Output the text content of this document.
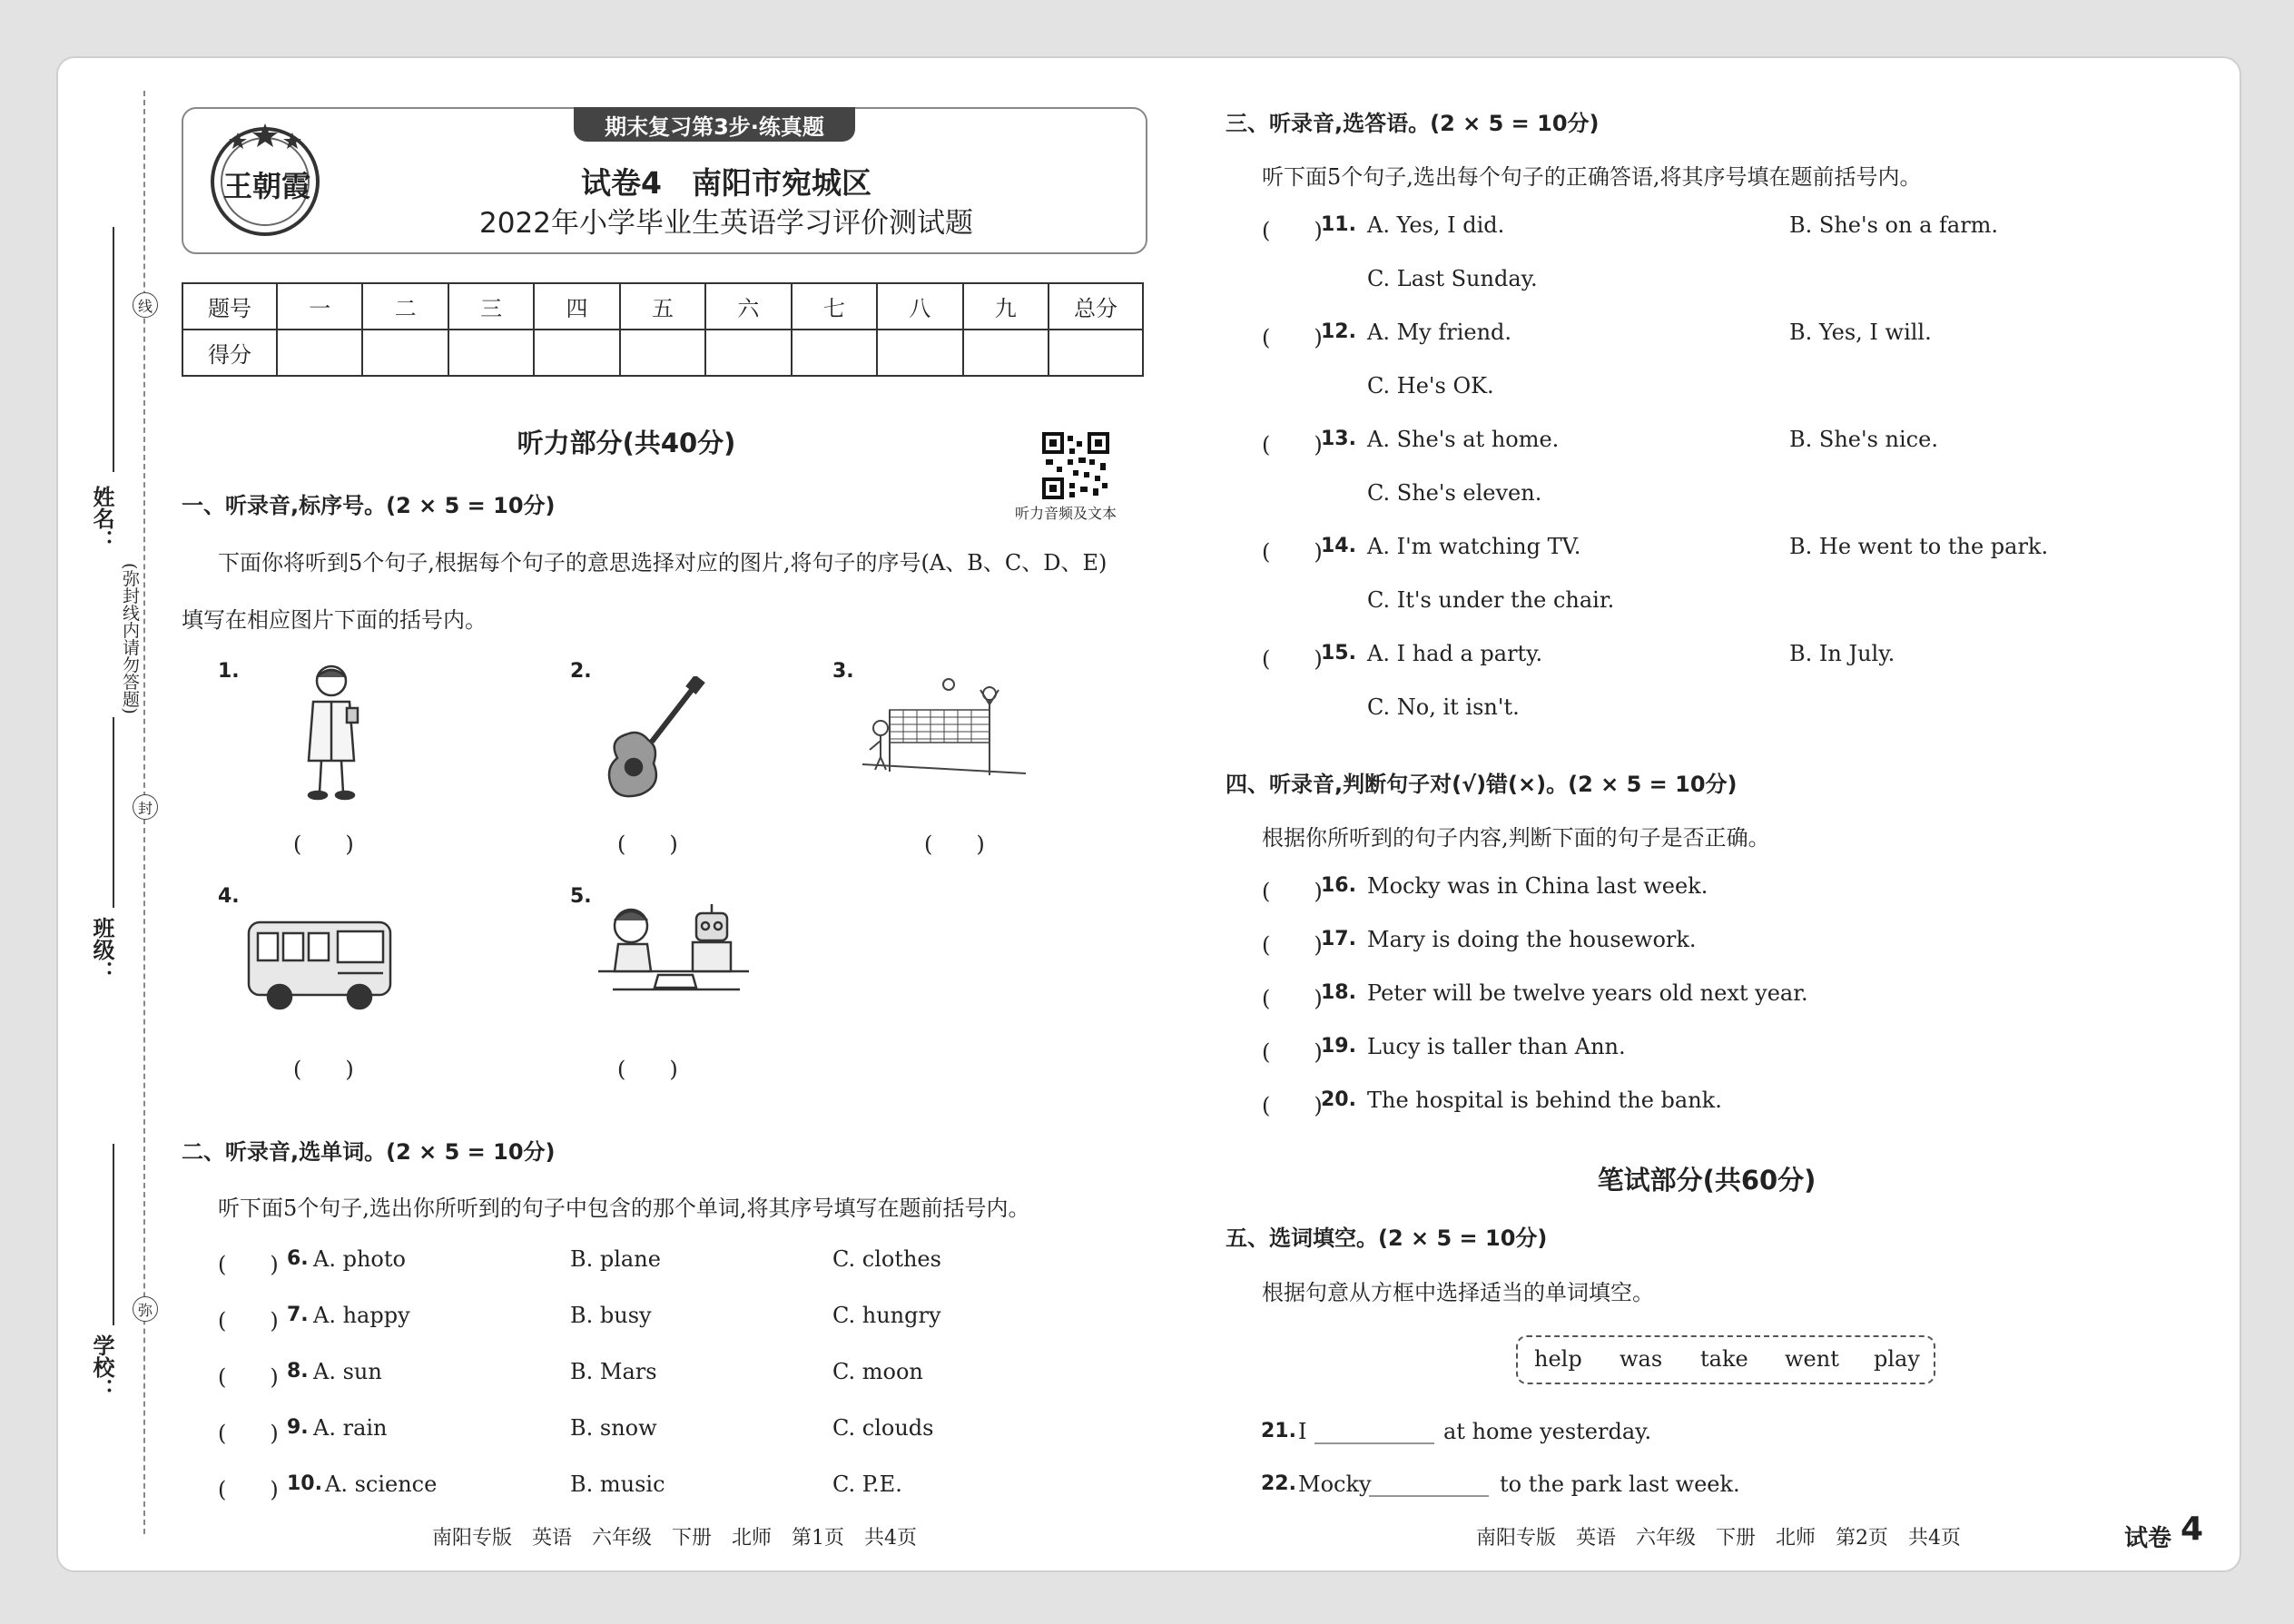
学校：
班级：
姓名：
(弥封线内请勿答题)
线
封
弥
王朝霞
期末复习第3步·练真题
试卷4　南阳市宛城区
2022年小学毕业生英语学习评价测试题
题号	一	二	三	四	五	六	七	八	九	总分
得分										
听力部分(共40分)
听力音频及文本
一、听录音,标序号。(2 × 5 = 10分)
下面你将听到5个句子,根据每个句子的意思选择对应的图片,将句子的序号(A、B、C、D、E)
填写在相应图片下面的括号内。
1.
(　　)
2.
(　　)
3.
(　　)
4.
(　　)
5.
(　　)
二、听录音,选单词。(2 × 5 = 10分)
听下面5个句子,选出你所听到的句子中包含的那个单词,将其序号填写在题前括号内。
(　　) 6. A. photo	B. plane	C. clothes
(　　) 7. A. happy	B. busy	C. hungry
(　　) 8. A. sun	B. Mars	C. moon
(　　) 9. A. rain	B. snow	C. clouds
(　　) 10. A. science	B. music	C. P.E.
南阳专版　英语　六年级　下册　北师　第1页　共4页
三、听录音,选答语。(2 × 5 = 10分)
听下面5个句子,选出每个句子的正确答语,将其序号填在题前括号内。
(　　)
11. A. Yes, I did.	B. She's on a farm.
C. Last Sunday.
(　　)
12. A. My friend.	B. Yes, I will.
C. He's OK.
(　　)
13. A. She's at home.	B. She's nice.
C. She's eleven.
(　　)
14. A. I'm watching TV.	B. He went to the park.
C. It's under the chair.
(　　)
15. A. I had a party.	B. In July.
C. No, it isn't.
四、听录音,判断句子对(√)错(×)。(2 × 5 = 10分)
根据你所听到的句子内容,判断下面的句子是否正确。
(　　)
16. Mocky was in China last week.
(　　)
17. Mary is doing the housework.
(　　)
18. Peter will be twelve years old next year.
(　　)
19. Lucy is taller than Ann.
(　　)
20. The hospital is behind the bank.
笔试部分(共60分)
五、选词填空。(2 × 5 = 10分)
根据句意从方框中选择适当的单词填空。
help was take went play
21. I ___________ at home yesterday.
22. Mocky
___________ to the park last week.
南阳专版　英语　六年级　下册　北师　第2页　共4页	试卷 4
